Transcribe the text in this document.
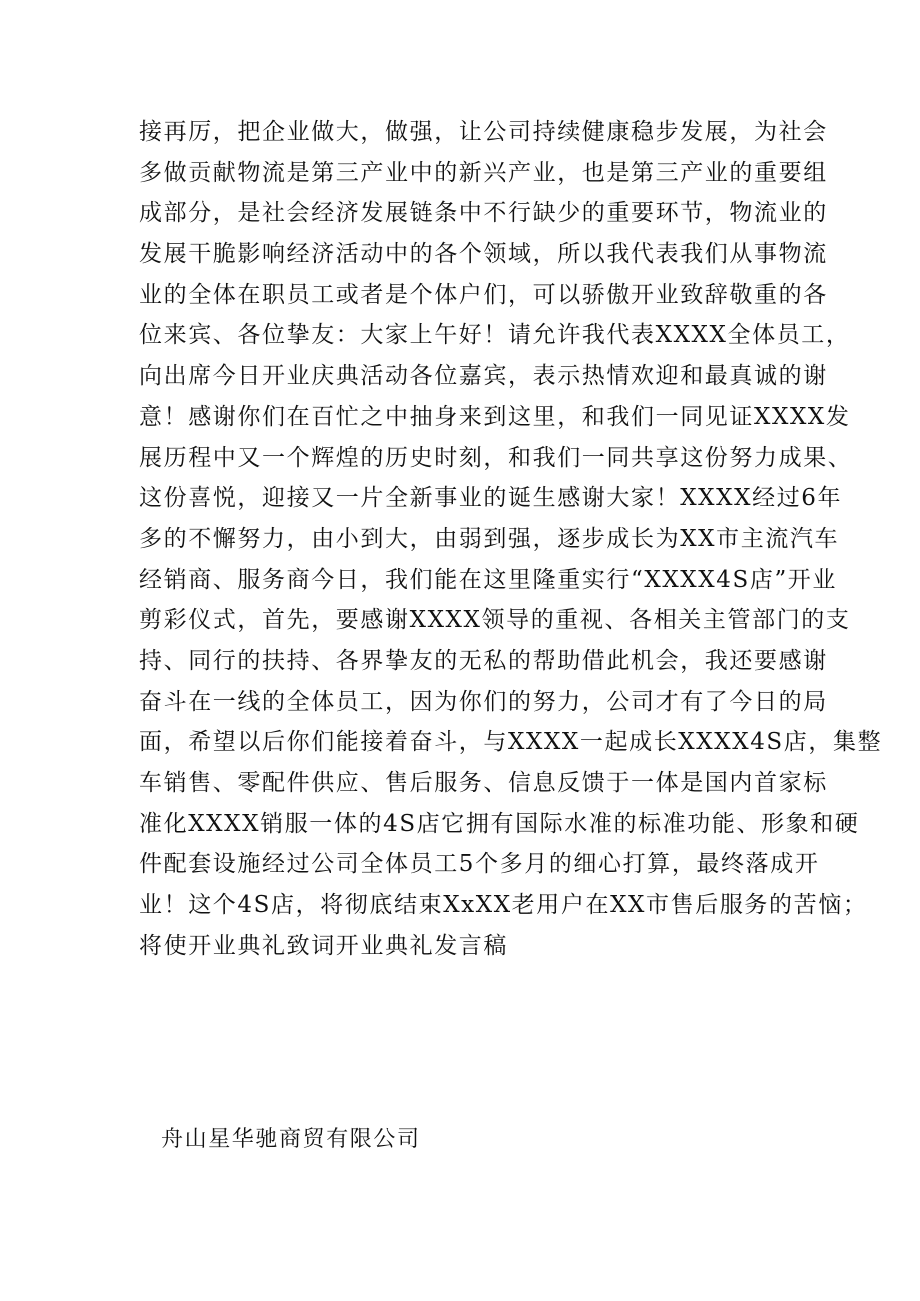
接再厉，把企业做大，做强，让公司持续健康稳步发展，为社会
多做贡献物流是第三产业中的新兴产业，也是第三产业的重要组
成部分，是社会经济发展链条中不行缺少的重要环节，物流业的
发展干脆影响经济活动中的各个领域，所以我代表我们从事物流
业的全体在职员工或者是个体户们，可以骄傲开业致辞敬重的各
位来宾、各位挚友：大家上午好！请允许我代表XXXX全体员工，
向出席今日开业庆典活动各位嘉宾，表示热情欢迎和最真诚的谢
意！感谢你们在百忙之中抽身来到这里，和我们一同见证XXXX发
展历程中又一个辉煌的历史时刻，和我们一同共享这份努力成果、
这份喜悦，迎接又一片全新事业的诞生感谢大家！XXXX经过6年
多的不懈努力，由小到大，由弱到强，逐步成长为XX市主流汽车
经销商、服务商今日，我们能在这里隆重实行“XXXX4S店”开业
剪彩仪式，首先，要感谢XXXX领导的重视、各相关主管部门的支
持、同行的扶持、各界挚友的无私的帮助借此机会，我还要感谢
奋斗在一线的全体员工，因为你们的努力，公司才有了今日的局
面，希望以后你们能接着奋斗，与XXXX一起成长XXXX4S店，集整
车销售、零配件供应、售后服务、信息反馈于一体是国内首家标
准化XXXX销服一体的4S店它拥有国际水准的标准功能、形象和硬
件配套设施经过公司全体员工5个多月的细心打算，最终落成开
业！这个4S店，将彻底结束XxXX老用户在XX市售后服务的苦恼；
将使开业典礼致词开业典礼发言稿
舟山星华驰商贸有限公司
